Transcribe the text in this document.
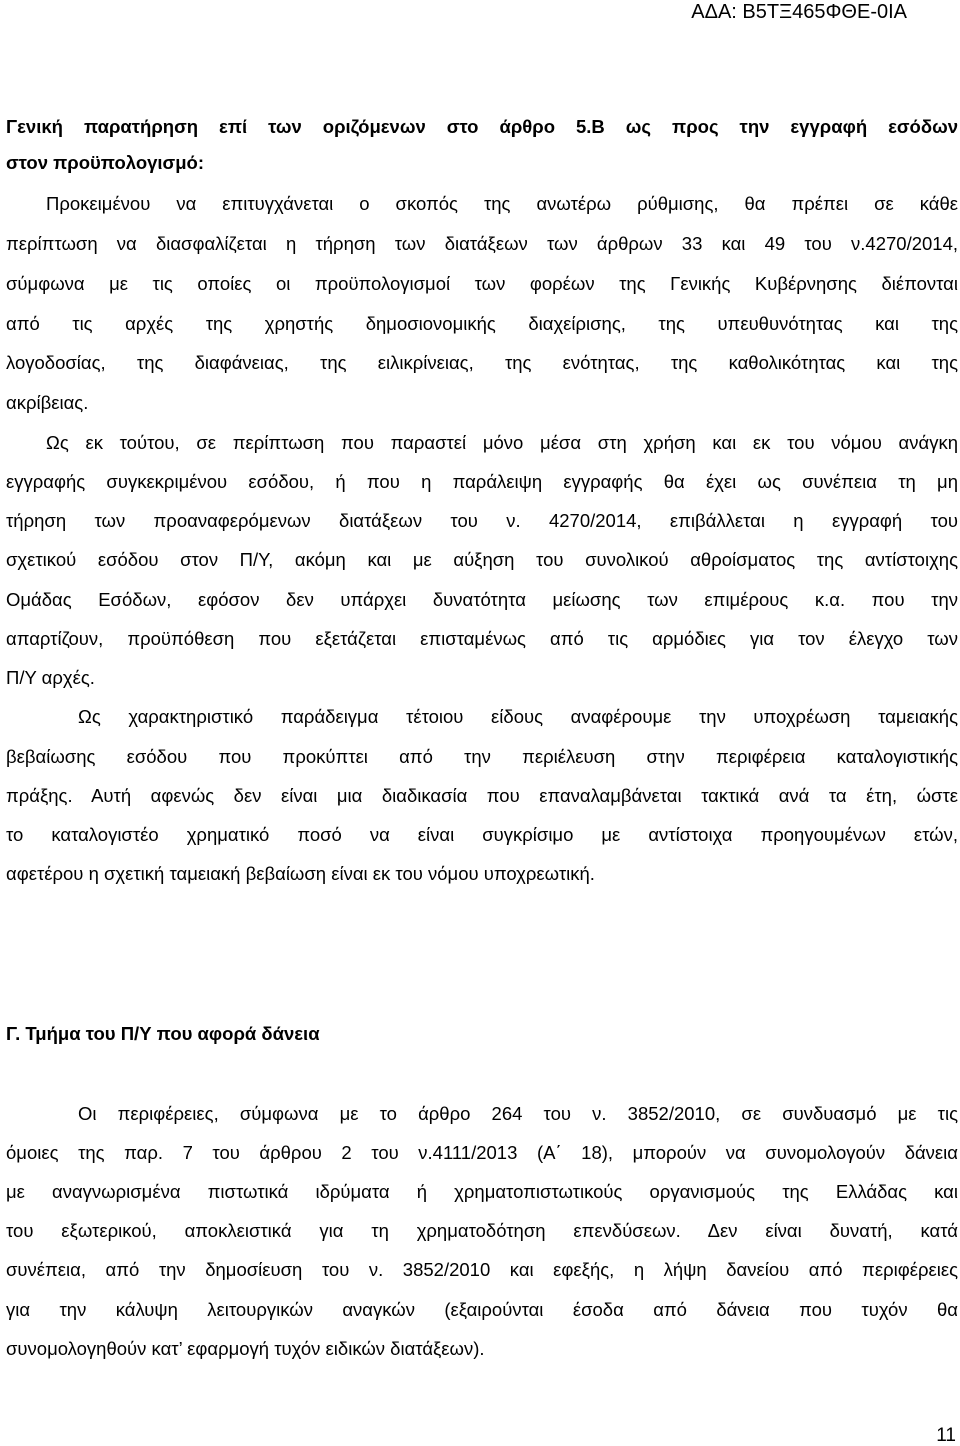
ΑΔΑ: Β5ΤΞ465ΦΘΕ-0ΙΑ
Γενική παρατήρηση επί των οριζόμενων στο άρθρο 5.Β ως προς την εγγραφή εσόδων
στον προϋπολογισμό:
Προκειμένου να επιτυγχάνεται ο σκοπός της ανωτέρω ρύθμισης, θα πρέπει σε κάθε
περίπτωση να διασφαλίζεται η τήρηση των διατάξεων των άρθρων 33 και 49 του ν.4270/2014,
σύμφωνα με τις οποίες οι προϋπολογισμοί των φορέων της Γενικής Κυβέρνησης διέπονται
από τις αρχές της χρηστής δημοσιονομικής διαχείρισης, της υπευθυνότητας και της
λογοδοσίας, της διαφάνειας, της ειλικρίνειας, της ενότητας, της καθολικότητας και της
ακρίβειας.
Ως εκ τούτου, σε περίπτωση που παραστεί μόνο μέσα στη χρήση και εκ του νόμου ανάγκη
εγγραφής συγκεκριμένου εσόδου, ή που η παράλειψη εγγραφής θα έχει ως συνέπεια τη μη
τήρηση των προαναφερόμενων διατάξεων του ν. 4270/2014, επιβάλλεται η εγγραφή του
σχετικού εσόδου στον Π/Υ, ακόμη και με αύξηση του συνολικού αθροίσματος της αντίστοιχης
Ομάδας Εσόδων, εφόσον δεν υπάρχει δυνατότητα μείωσης των επιμέρους κ.α. που την
απαρτίζουν, προϋπόθεση που εξετάζεται επισταμένως από τις αρμόδιες για τον έλεγχο των
Π/Υ αρχές.
Ως χαρακτηριστικό παράδειγμα τέτοιου είδους αναφέρουμε την υποχρέωση ταμειακής
βεβαίωσης εσόδου που προκύπτει από την περιέλευση στην περιφέρεια καταλογιστικής
πράξης. Αυτή αφενώς δεν είναι μια διαδικασία που επαναλαμβάνεται τακτικά ανά τα έτη, ώστε
το καταλογιστέο χρηματικό ποσό να είναι συγκρίσιμο με αντίστοιχα προηγουμένων ετών,
αφετέρου η σχετική ταμειακή βεβαίωση είναι εκ του νόμου υποχρεωτική.
Γ. Τμήμα του Π/Υ που αφορά δάνεια
Οι περιφέρειες, σύμφωνα με το άρθρο 264 του ν. 3852/2010, σε συνδυασμό με τις
όμοιες της παρ. 7 του άρθρου 2 του ν.4111/2013 (Α΄ 18), μπορούν να συνομολογούν δάνεια
με αναγνωρισμένα πιστωτικά ιδρύματα ή χρηματοπιστωτικούς οργανισμούς της Ελλάδας και
του εξωτερικού, αποκλειστικά για τη χρηματοδότηση επενδύσεων. Δεν είναι δυνατή, κατά
συνέπεια, από την δημοσίευση του ν. 3852/2010 και εφεξής, η λήψη δανείου από περιφέρειες
για την κάλυψη λειτουργικών αναγκών (εξαιρούνται έσοδα από δάνεια που τυχόν θα
συνομολογηθούν κατ’ εφαρμογή τυχόν ειδικών διατάξεων).
11
